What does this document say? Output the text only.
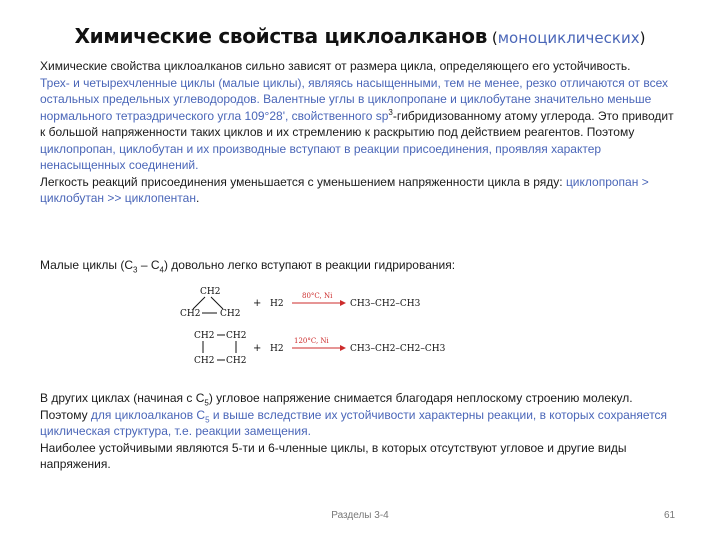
Химические свойства циклоалканов (моноциклических)
Химические свойства циклоалканов сильно зависят от размера цикла, определяющего его устойчивость.
Трех- и четырехчленные циклы (малые циклы), являясь насыщенными, тем не менее, резко отличаются от всех остальных предельных углеводородов. Валентные углы в циклопропане и циклобутане значительно меньше нормального тетраэдрического угла 109°28', свойственного $sp^3$-гибридизованному атому углерода. Это приводит к большой напряженности таких циклов и их стремлению к раскрытию под действием реагентов. Поэтому циклопропан, циклобутан и их производные вступают в реакции присоединения, проявляя характер ненасыщенных соединений.
Легкость реакций присоединения уменьшается с уменьшением напряженности цикла в ряду: циклопропан > циклобутан >> циклопентан.
Малые циклы $(С_3 - С_4)$ довольно легко вступают в реакции гидрирования:
CH2
CH2 CH2
+ H2
80°C, Ni
CH3–CH2–CH3
CH2 CH2
CH2 CH2
+ H2
120°C, Ni
CH3–CH2–CH2–CH3
В других циклах (начиная с $С_5$) угловое напряжение снимается благодаря неплоскому строению молекул. Поэтому для циклоалканов $С_5$ и выше вследствие их устойчивости характерны реакции, в которых сохраняется циклическая структура, т.е. реакции замещения.
Наиболее устойчивыми являются 5-ти и 6-членные циклы, в которых отсутствуют угловое и другие виды напряжения.
Разделы 3-4	61
